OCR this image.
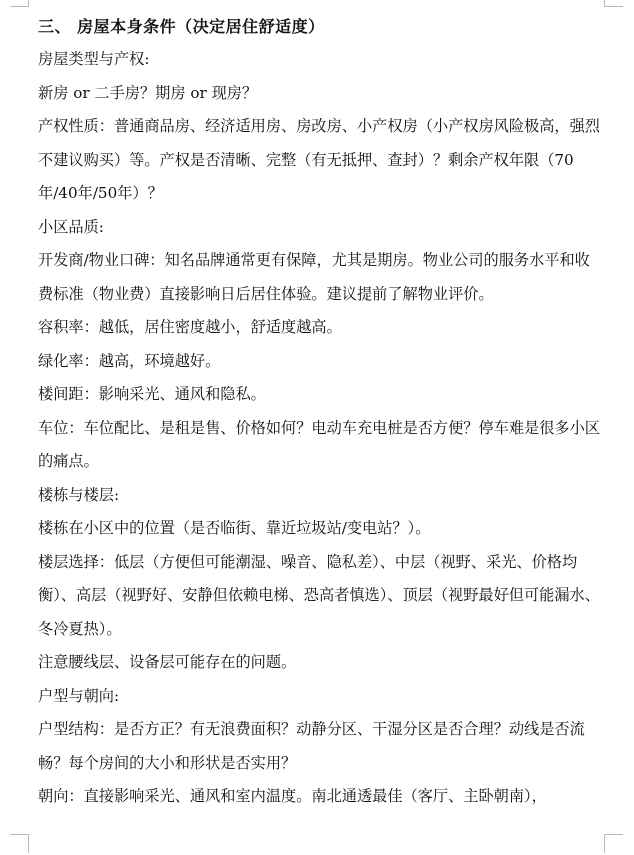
三、 房屋本身条件（决定居住舒适度）

房屋类型与产权:

新房 or 二手房？期房 or 现房？

产权性质：普通商品房、经济适用房、房改房、小产权房（小产权房风险极高，强烈不建议购买）等。产权是否清晰、完整（有无抵押、查封）？剩余产权年限（70年/40年/50年）？

小区品质:

开发商/物业口碑：知名品牌通常更有保障，尤其是期房。物业公司的服务水平和收费标准（物业费）直接影响日后居住体验。建议提前了解物业评价。

容积率：越低，居住密度越小，舒适度越高。

绿化率：越高，环境越好。

楼间距：影响采光、通风和隐私。

车位：车位配比、是租是售、价格如何？电动车充电桩是否方便？停车难是很多小区的痛点。

楼栋与楼层:

楼栋在小区中的位置（是否临街、靠近垃圾站/变电站？）。

楼层选择：低层（方便但可能潮湿、噪音、隐私差）、中层（视野、采光、价格均衡）、高层（视野好、安静但依赖电梯、恐高者慎选）、顶层（视野最好但可能漏水、冬冷夏热）。

注意腰线层、设备层可能存在的问题。

户型与朝向:

户型结构：是否方正？有无浪费面积？动静分区、干湿分区是否合理？动线是否流畅？每个房间的大小和形状是否实用？

朝向：直接影响采光、通风和室内温度。南北通透最佳（客厅、主卧朝南），
